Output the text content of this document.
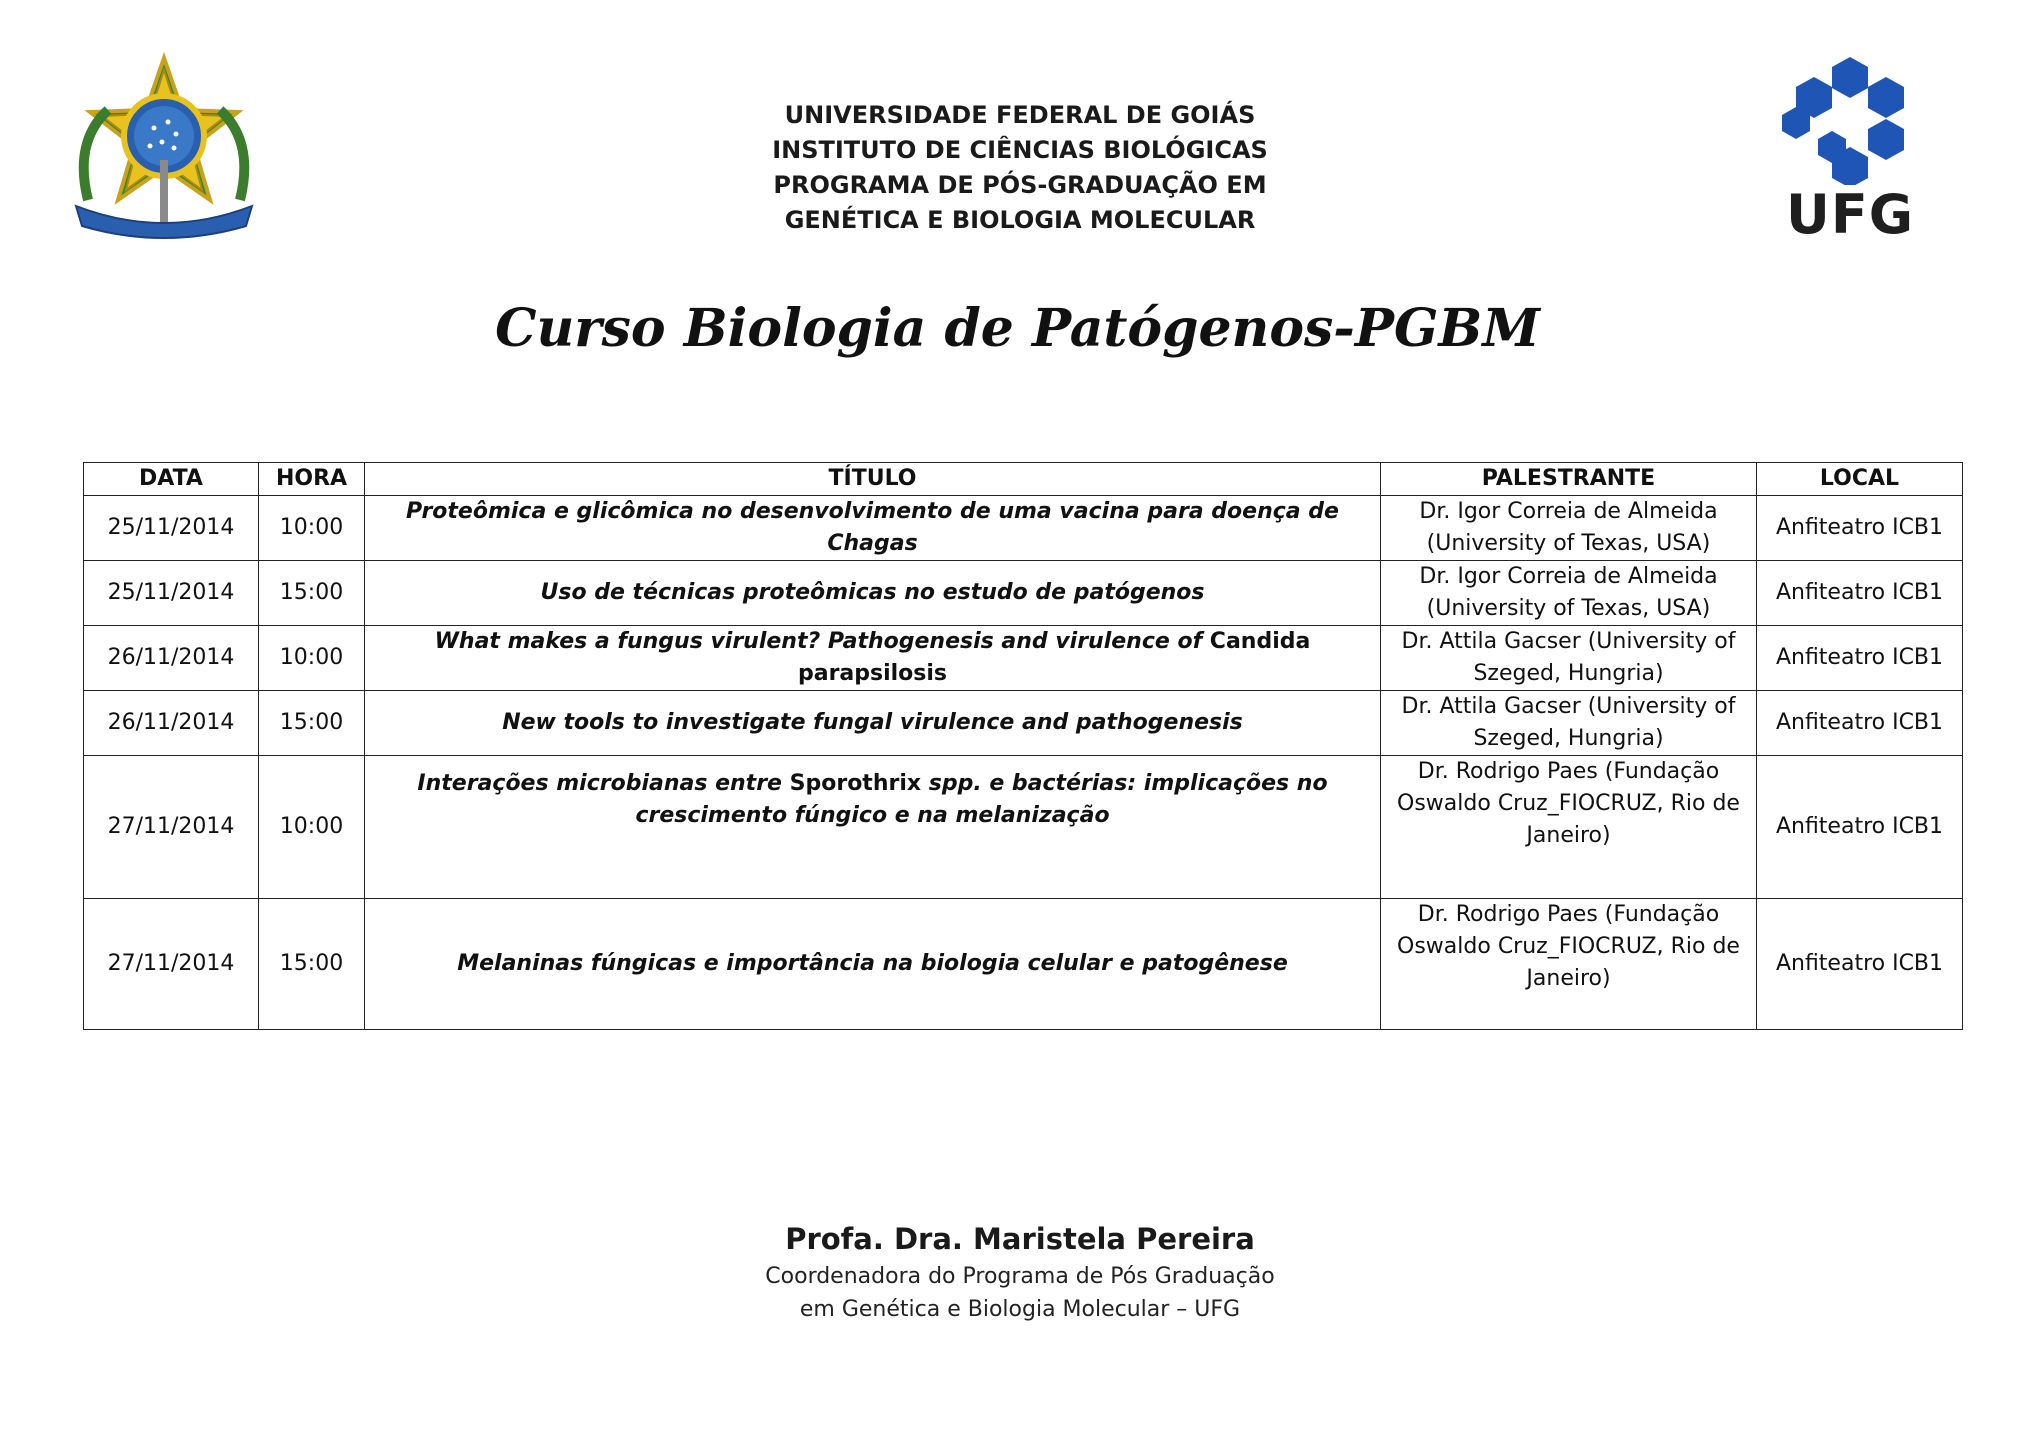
UNIVERSIDADE FEDERAL DE GOIÁS
INSTITUTO DE CIÊNCIAS BIOLÓGICAS
PROGRAMA DE PÓS-GRADUAÇÃO EM
GENÉTICA E BIOLOGIA MOLECULAR	UFG
Curso Biologia de Patógenos-PGBM
DATA	HORA	TÍTULO	PALESTRANTE	LOCAL
25/11/2014	10:00	Proteômica e glicômica no desenvolvimento de uma vacina para doença de Chagas	Dr. Igor Correia de Almeida (University of Texas, USA)	Anfiteatro ICB1
25/11/2014	15:00	Uso de técnicas proteômicas no estudo de patógenos	Dr. Igor Correia de Almeida (University of Texas, USA)	Anfiteatro ICB1
26/11/2014	10:00	What makes a fungus virulent? Pathogenesis and virulence of Candida parapsilosis	Dr. Attila Gacser (University of Szeged, Hungria)	Anfiteatro ICB1
26/11/2014	15:00	New tools to investigate fungal virulence and pathogenesis	Dr. Attila Gacser (University of Szeged, Hungria)	Anfiteatro ICB1
27/11/2014	10:00	Interações microbianas entre Sporothrix spp. e bactérias: implicações no crescimento fúngico e na melanização	Dr. Rodrigo Paes (Fundação Oswaldo Cruz_FIOCRUZ, Rio de Janeiro)	Anfiteatro ICB1
27/11/2014	15:00	Melaninas fúngicas e importância na biologia celular e patogênese	Dr. Rodrigo Paes (Fundação Oswaldo Cruz_FIOCRUZ, Rio de Janeiro)	Anfiteatro ICB1
Profa. Dra. Maristela Pereira
Coordenadora do Programa de Pós Graduação
em Genética e Biologia Molecular – UFG
